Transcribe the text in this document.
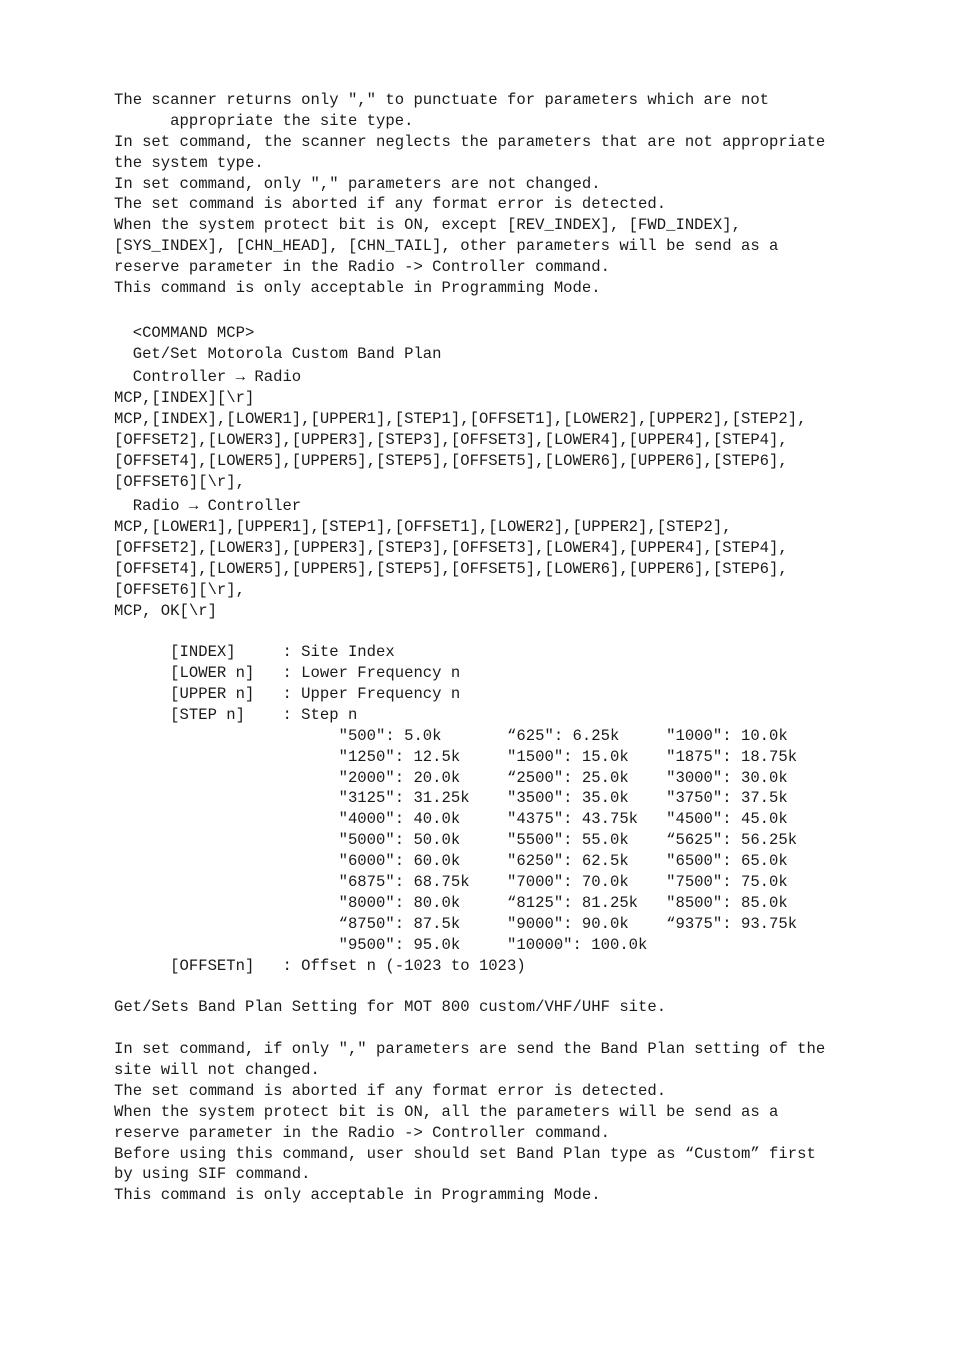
The scanner returns only "," to punctuate for parameters which are not
appropriate the site type.
In set command, the scanner neglects the parameters that are not appropriate
the system type.
In set command, only "," parameters are not changed.
The set command is aborted if any format error is detected.
When the system protect bit is ON, except [REV_INDEX], [FWD_INDEX],
[SYS_INDEX], [CHN_HEAD], [CHN_TAIL], other parameters will be send as a
reserve parameter in the Radio -> Controller command.
This command is only acceptable in Programming Mode.
<COMMAND MCP>
Get/Set Motorola Custom Band Plan
Controller → Radio
MCP,[INDEX][\r]
MCP,[INDEX],[LOWER1],[UPPER1],[STEP1],[OFFSET1],[LOWER2],[UPPER2],[STEP2],
[OFFSET2],[LOWER3],[UPPER3],[STEP3],[OFFSET3],[LOWER4],[UPPER4],[STEP4],
[OFFSET4],[LOWER5],[UPPER5],[STEP5],[OFFSET5],[LOWER6],[UPPER6],[STEP6],
[OFFSET6][\r],
Radio → Controller
MCP,[LOWER1],[UPPER1],[STEP1],[OFFSET1],[LOWER2],[UPPER2],[STEP2],
[OFFSET2],[LOWER3],[UPPER3],[STEP3],[OFFSET3],[LOWER4],[UPPER4],[STEP4],
[OFFSET4],[LOWER5],[UPPER5],[STEP5],[OFFSET5],[LOWER6],[UPPER6],[STEP6],
[OFFSET6][\r],
MCP, OK[\r]
[INDEX]     : Site Index
[LOWER n]   : Lower Frequency n
[UPPER n]   : Upper Frequency n
[STEP n]    : Step n
"500": 5.0k       “625": 6.25k     "1000": 10.0k
"1250": 12.5k     "1500": 15.0k    "1875": 18.75k
"2000": 20.0k     “2500": 25.0k    "3000": 30.0k
"3125": 31.25k    "3500": 35.0k    "3750": 37.5k
"4000": 40.0k     "4375": 43.75k   "4500": 45.0k
"5000": 50.0k     "5500": 55.0k    “5625": 56.25k
"6000": 60.0k     "6250": 62.5k    "6500": 65.0k
"6875": 68.75k    "7000": 70.0k    "7500": 75.0k
"8000": 80.0k     “8125": 81.25k   "8500": 85.0k
“8750": 87.5k     "9000": 90.0k    “9375": 93.75k
"9500": 95.0k     "10000": 100.0k
[OFFSETn]   : Offset n (-1023 to 1023)
Get/Sets Band Plan Setting for MOT 800 custom/VHF/UHF site.
In set command, if only "," parameters are send the Band Plan setting of the
site will not changed.
The set command is aborted if any format error is detected.
When the system protect bit is ON, all the parameters will be send as a
reserve parameter in the Radio -> Controller command.
Before using this command, user should set Band Plan type as “Custom” first
by using SIF command.
This command is only acceptable in Programming Mode.
